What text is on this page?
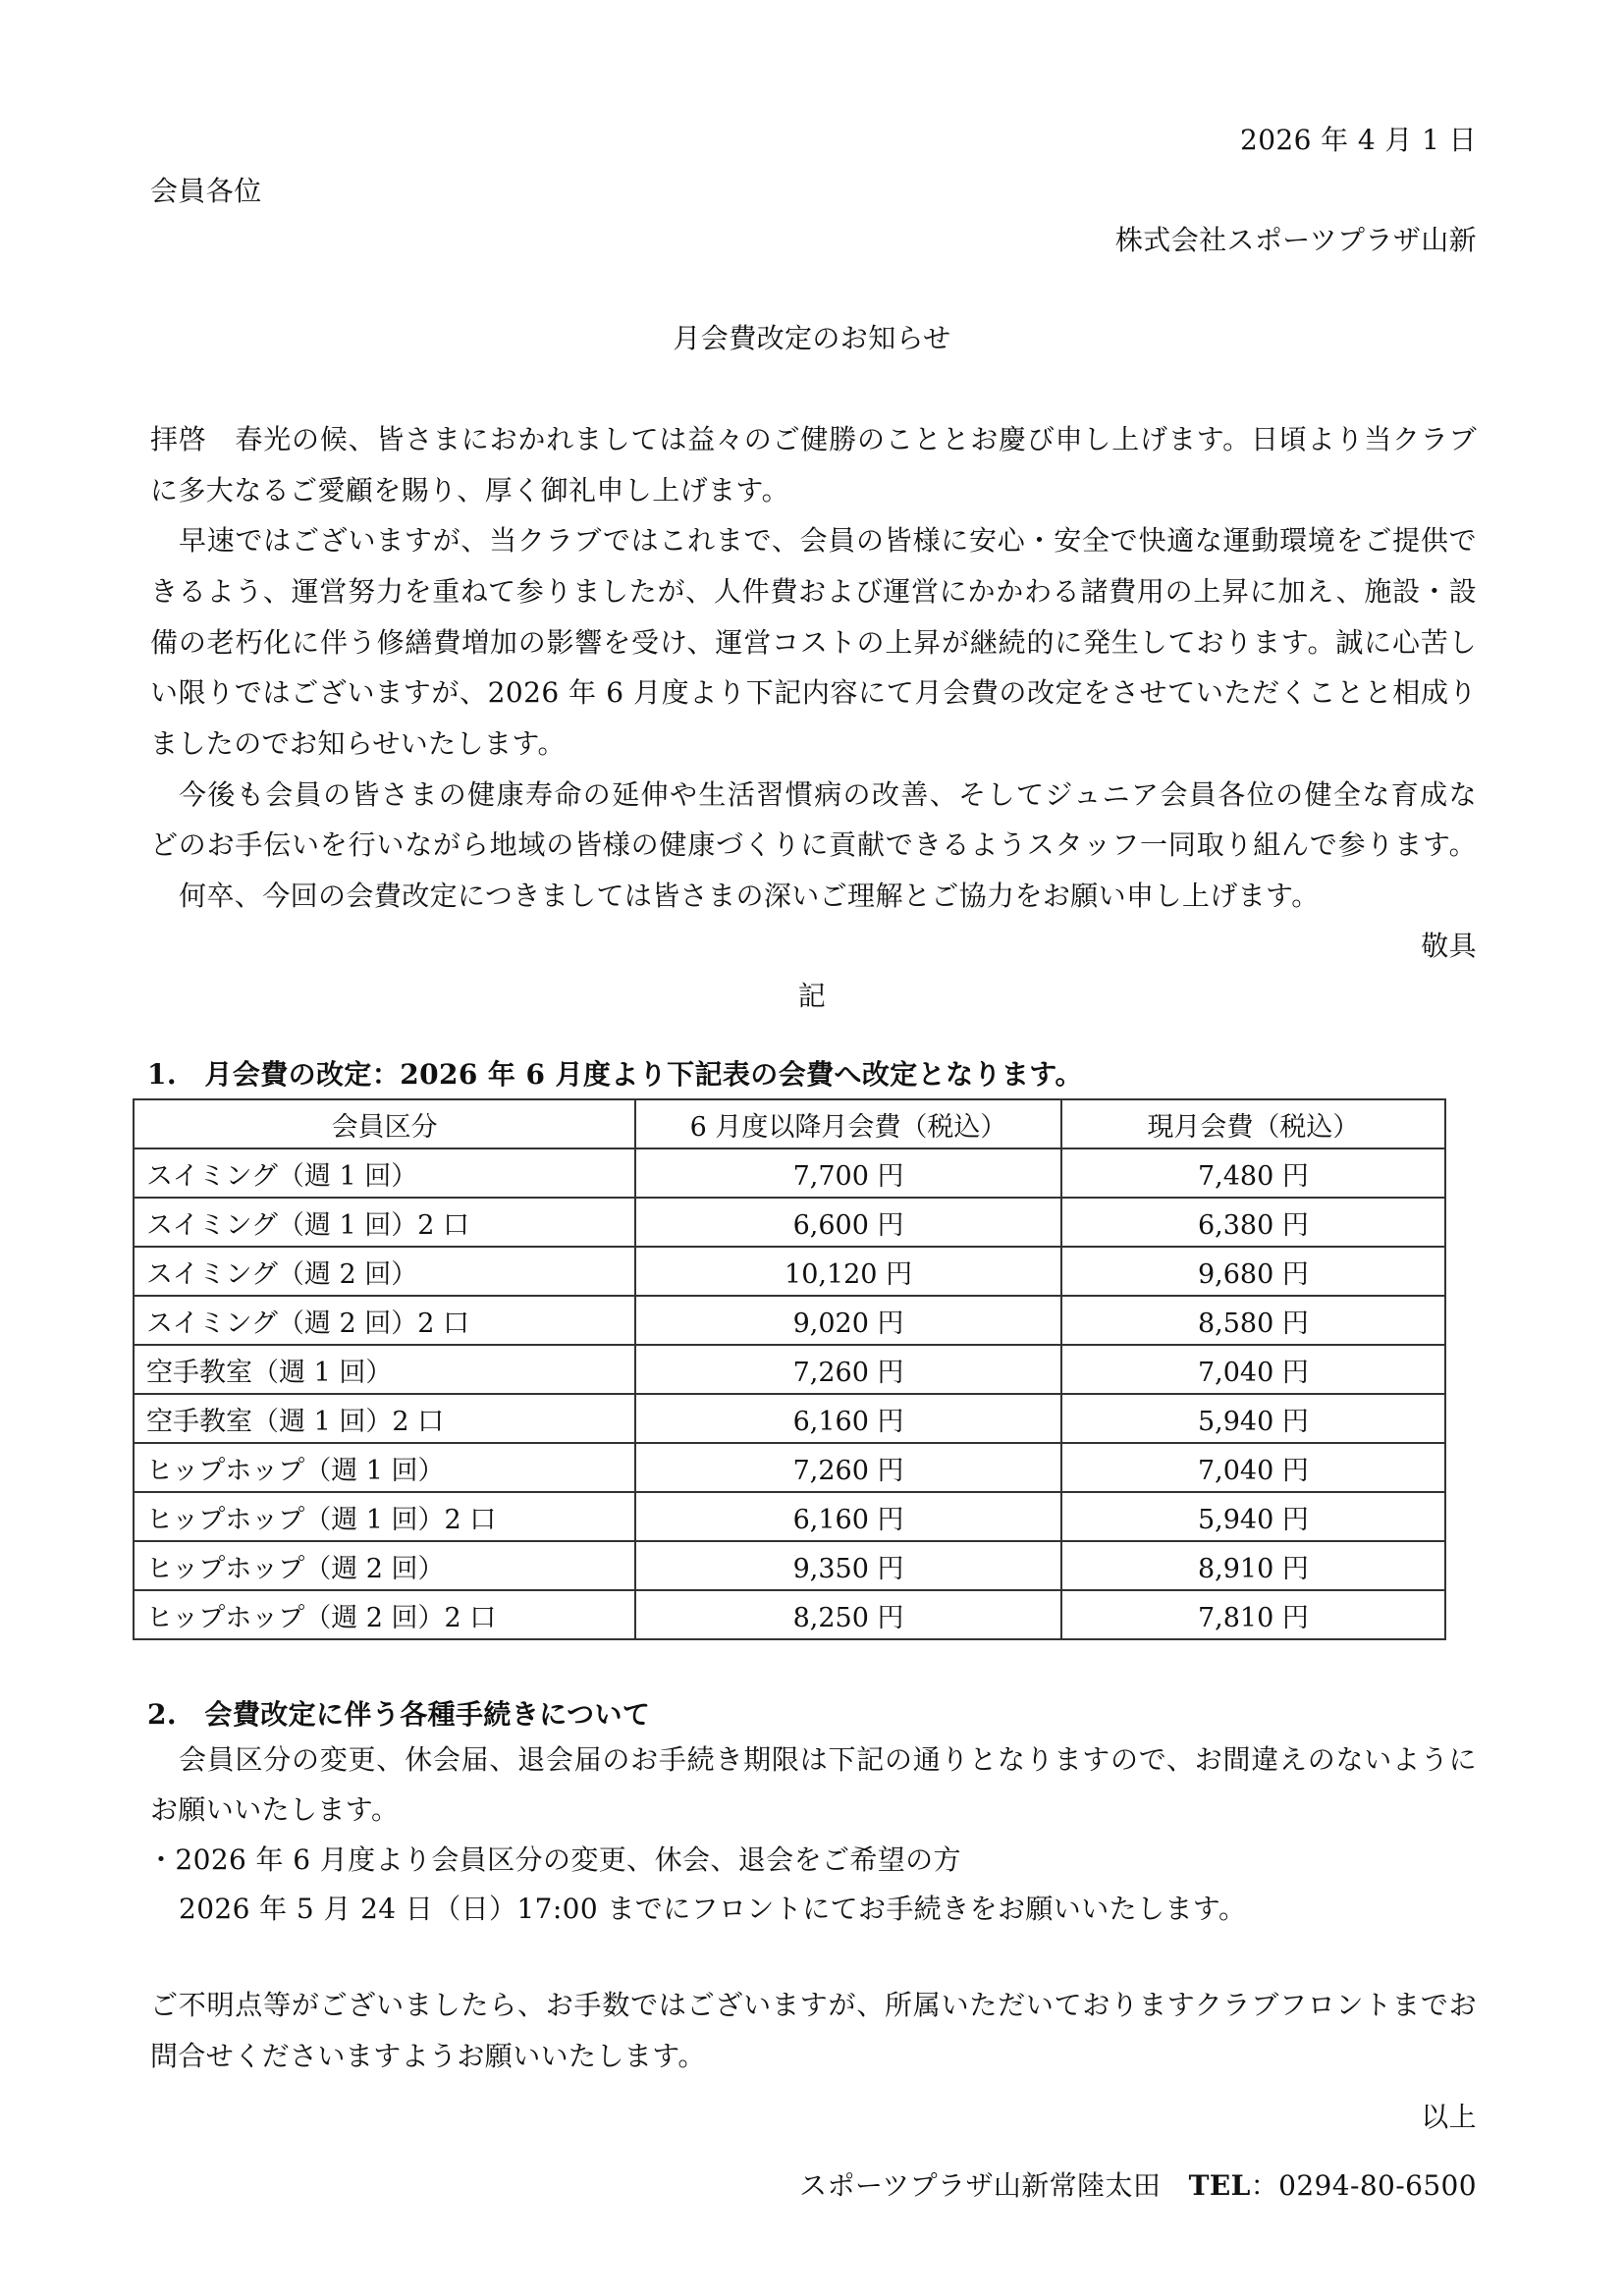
2026 年 4 月 1 日
会員各位
株式会社スポーツプラザ山新
月会費改定のお知らせ
拝啓　春光の候、皆さまにおかれましては益々のご健勝のこととお慶び申し上げます。日頃より当クラブ
に多大なるご愛顧を賜り、厚く御礼申し上げます。
早速ではございますが、当クラブではこれまで、会員の皆様に安心・安全で快適な運動環境をご提供で
きるよう、運営努力を重ねて参りましたが、人件費および運営にかかわる諸費用の上昇に加え、施設・設
備の老朽化に伴う修繕費増加の影響を受け、運営コストの上昇が継続的に発生しております。誠に心苦し
い限りではございますが、2026 年 6 月度より下記内容にて月会費の改定をさせていただくことと相成り
ましたのでお知らせいたします。
今後も会員の皆さまの健康寿命の延伸や生活習慣病の改善、そしてジュニア会員各位の健全な育成な
どのお手伝いを行いながら地域の皆様の健康づくりに貢献できるようスタッフ一同取り組んで参ります。
何卒、今回の会費改定につきましては皆さまの深いご理解とご協力をお願い申し上げます。
敬具
記
1.　月会費の改定：2026 年 6 月度より下記表の会費へ改定となります。
会員区分	6 月度以降月会費（税込）	現月会費（税込）
スイミング（週 1 回）	7,700 円	7,480 円
スイミング（週 1 回）2 口	6,600 円	6,380 円
スイミング（週 2 回）	10,120 円	9,680 円
スイミング（週 2 回）2 口	9,020 円	8,580 円
空手教室（週 1 回）	7,260 円	7,040 円
空手教室（週 1 回）2 口	6,160 円	5,940 円
ヒップホップ（週 1 回）	7,260 円	7,040 円
ヒップホップ（週 1 回）2 口	6,160 円	5,940 円
ヒップホップ（週 2 回）	9,350 円	8,910 円
ヒップホップ（週 2 回）2 口	8,250 円	7,810 円
2.　会費改定に伴う各種手続きについて
会員区分の変更、休会届、退会届のお手続き期限は下記の通りとなりますので、お間違えのないように
お願いいたします。
・2026 年 6 月度より会員区分の変更、休会、退会をご希望の方
2026 年 5 月 24 日（日）17:00 までにフロントにてお手続きをお願いいたします。
ご不明点等がございましたら、お手数ではございますが、所属いただいておりますクラブフロントまでお
問合せくださいますようお願いいたします。
以上
スポーツプラザ山新常陸太田　TEL：0294-80-6500
